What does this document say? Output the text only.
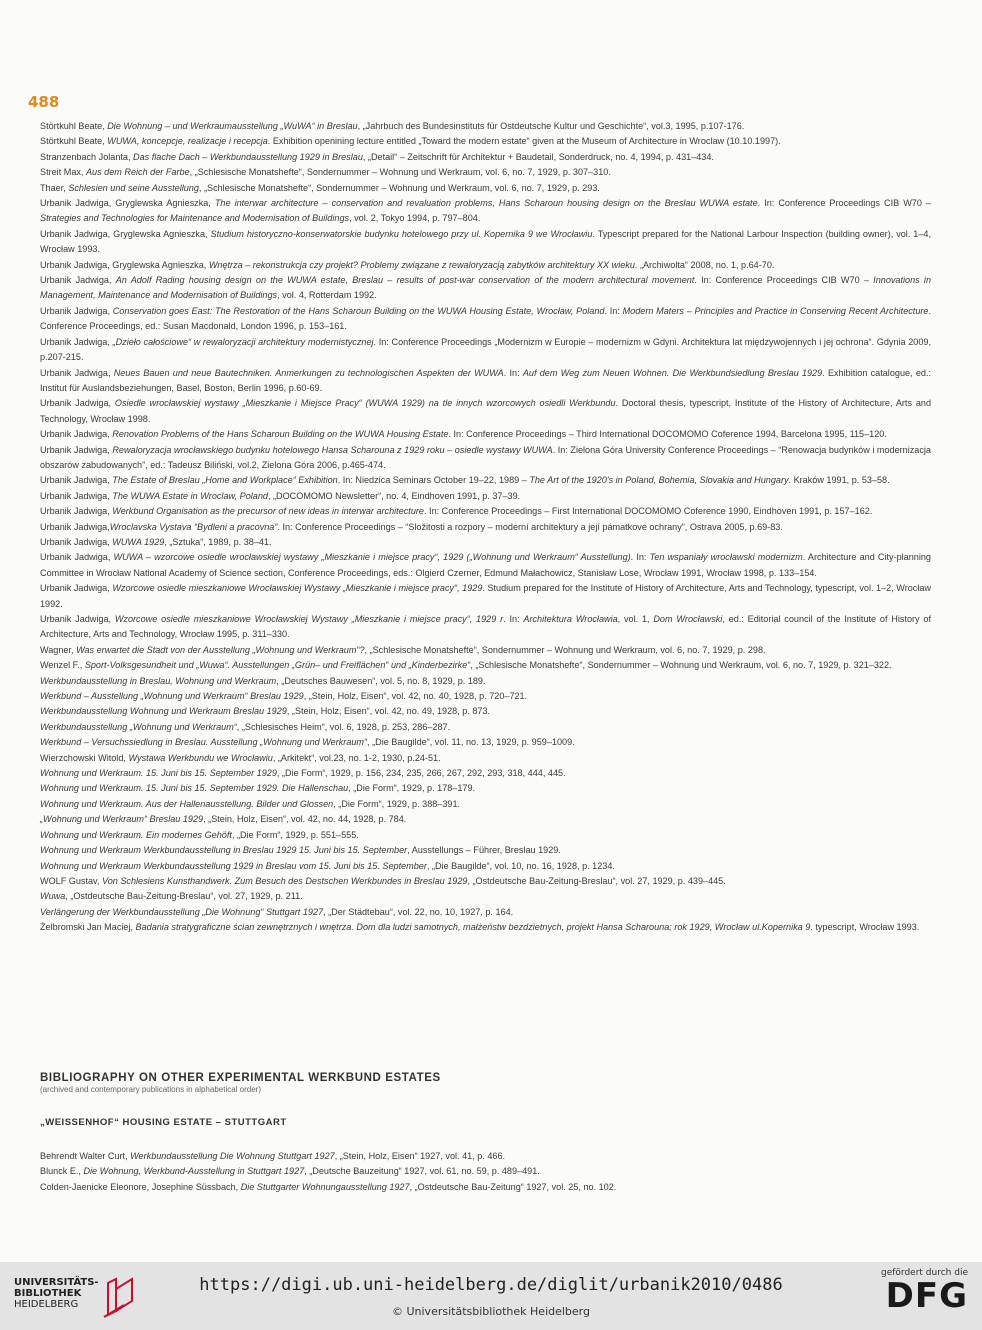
488

Störtkuhl Beate, Die Wohnung – und Werkraumausstellung „WuWA“ in Breslau, „Jahrbuch des Bundesinstituts für Ostdeutsche Kultur und Geschichte“, vol.3, 1995, p.107-176.

Störtkuhl Beate, WUWA, koncepcje, realizacje i recepcja. Exhibition openining lecture entitled „Toward the modern estate“ given at the Museum of Architecture in Wroclaw (10.10.1997).

Stranzenbach Jolanta, Das flache Dach – Werkbundausstellung 1929 in Breslau, „Detail“ – Zeitschrift für Architektur + Baudetail, Sonderdruck, no. 4, 1994, p. 431–434.

Streit Max, Aus dem Reich der Farbe, „Schlesische Monatshefte“, Sondernummer – Wohnung und Werkraum, vol. 6, no. 7, 1929, p. 307–310.

Thaer, Schlesien und seine Ausstellung, „Schlesische Monatshefte“, Sondernummer – Wohnung und Werkraum, vol. 6, no. 7, 1929, p. 293.

Urbanik Jadwiga, Gryglewska Agnieszka, The interwar architecture – conservation and revaluation problems, Hans Scharoun housing design on the Breslau WUWA estate. In: Conference Proceedings CIB W70 – Strategies and Technologies for Maintenance and Modernisation of Buildings, vol. 2, Tokyo 1994, p. 797–804.

Urbanik Jadwiga, Gryglewska Agnieszka, Studium historyczno-konserwatorskie budynku hotelowego przy ul. Kopernika 9 we Wrocławiu. Typescript prepared for the National Larbour Inspection (building owner), vol. 1–4, Wrocław 1993.

Urbanik Jadwiga, Gryglewska Agnieszka, Wnętrza – rekonstrukcja czy projekt? Problemy związane z rewaloryzacją zabytków architektury XX wieku. „Archiwolta“ 2008, no. 1, p.64-70.

Urbanik Jadwiga, An Adolf Rading housing design on the WUWA estate, Breslau – results of post-war conservation of the modern architectural movement. In: Conference Proceedings CIB W70 – Innovations in Management, Maintenance and Modernisation of Buildings, vol. 4, Rotterdam 1992.

Urbanik Jadwiga, Conservation goes East: The Restoration of the Hans Scharoun Building on the WUWA Housing Estate, Wrocław, Poland. In: Modern Maters – Principles and Practice in Conserving Recent Architecture. Conference Proceedings, ed.: Susan Macdonald, London 1996, p. 153–161.

Urbanik Jadwiga, „Dzieło całościowe“ w rewaloryzacji architektury modernistycznej. In: Conference Proceedings „Modernizm w Europie – modernizm w Gdyni. Architektura lat międzywojennych i jej ochrona“. Gdynia 2009, p.207-215.

Urbanik Jadwiga, Neues Bauen und neue Bautechniken. Anmerkungen zu technologischen Aspekten der WUWA. In: Auf dem Weg zum Neuen Wohnen. Die Werkbundsiedlung Breslau 1929. Exhibition catalogue, ed.: Institut für Auslandsbeziehungen, Basel, Boston, Berlin 1996, p.60-69.

Urbanik Jadwiga, Osiedle wrocławskiej wystawy „Mieszkanie i Miejsce Pracy“ (WUWA 1929) na tle innych wzorcowych osiedli Werkbundu. Doctoral thesis, typescript, Institute of the History of Architecture, Arts and Technology, Wrocław 1998.

Urbanik Jadwiga, Renovation Problems of the Hans Scharoun Building on the WUWA Housing Estate. In: Conference Proceedings – Third International DOCOMOMO Coference 1994, Barcelona 1995, 115–120.

Urbanik Jadwiga, Rewaloryzacja wrocławskiego budynku hotelowego Hansa Scharouna z 1929 roku – osiedle wystawy WUWA. In: Zielona Góra University Conference Proceedings – “Renowacja budynków i modernizacja obszarów zabudowanych”, ed.: Tadeusz Biliński, vol.2, Zielona Góra 2006, p.465-474.

Urbanik Jadwiga, The Estate of Breslau „Home and Workplace“ Exhibition. In: Niedzica Seminars October 19–22, 1989 – The Art of the 1920's in Poland, Bohemia, Slovakia and Hungary. Kraków 1991, p. 53–58.

Urbanik Jadwiga, The WUWA Estate in Wroclaw, Poland, „DOCOMOMO Newsletter“, no. 4, Eindhoven 1991, p. 37–39.

Urbanik Jadwiga, Werkbund Organisation as the precursor of new ideas in interwar architecture. In: Conference Proceedings – First International DOCOMOMO Coference 1990, Eindhoven 1991, p. 157–162.

Urbanik Jadwiga,Wroclavska Vystava “Bydleni a pracovna”. In: Conference Proceedings – “Složitosti a rozpory – moderní architektury a její pámatkove ochrany”, Ostrava 2005, p.69-83.

Urbanik Jadwiga, WUWA 1929, „Sztuka“, 1989, p. 38–41.

Urbanik Jadwiga, WUWA – wzorcowe osiedle wrocławskiej wystawy „Mieszkanie i miejsce pracy“, 1929 („Wohnung und Werkraum“ Ausstellung). In: Ten wspaniały wrocławski modernizm. Architecture and City-planning Committee in Wrocław National Academy of Science section, Conference Proceedings, eds.: Olgierd Czerner, Edmund Małachowicz, Stanisław Lose, Wrocław 1991, Wrocław 1998, p. 133–154.

Urbanik Jadwiga, Wzorcowe osiedle mieszkaniowe Wrocławskiej Wystawy „Mieszkanie i miejsce pracy“, 1929. Studium prepared for the Institute of History of Architecture, Arts and Technology, typescript, vol. 1–2, Wrocław 1992.

Urbanik Jadwiga, Wzorcowe osiedle mieszkaniowe Wrocławskiej Wystawy „Mieszkanie i miejsce pracy“, 1929 r. In: Architektura Wrocławia, vol. 1, Dom Wrocławski, ed.: Editorial council of the Institute of History of Architecture, Arts and Technology, Wrocław 1995, p. 311–330.

Wagner, Was erwartet die Stadt von der Ausstellung „Wohnung und Werkraum“?, „Schlesische Monatshefte“, Sondernummer – Wohnung und Werkraum, vol. 6, no. 7, 1929, p. 298.

Wenzel F., Sport-Volksgesundheit und „Wuwa“. Ausstellungen „Grün– und Freiflächen“ und „Kinderbezirke“, „Schlesische Monatshefte“, Sondernummer – Wohnung und Werkraum, vol. 6, no. 7, 1929, p. 321–322.

Werkbundausstellung in Breslau, Wohnung und Werkraum, „Deutsches Bauwesen“, vol. 5, no. 8, 1929, p. 189.

Werkbund – Ausstellung „Wohnung und Werkraum“ Breslau 1929, „Stein, Holz, Eisen“, vol. 42, no. 40, 1928, p. 720–721.

Werkbundausstellung Wohnung und Werkraum Breslau 1929, „Stein, Holz, Eisen“, vol. 42, no. 49, 1928, p. 873.

Werkbundausstellung „Wohnung und Werkraum“, „Schlesisches Heim“, vol. 6, 1928, p. 253, 286–287.

Werkbund – Versuchssiedlung in Breslau. Ausstellung „Wohnung und Werkraum“, „Die Baugilde“, vol. 11, no. 13, 1929, p. 959–1009.

Wierzchowski Witold, Wystawa Werkbundu we Wrocławiu, „Arkitekt“, vol.23, no. 1-2, 1930, p.24-51.

Wohnung und Werkraum. 15. Juni bis 15. September 1929, „Die Form“, 1929, p. 156, 234, 235, 266, 267, 292, 293, 318, 444, 445.

Wohnung und Werkraum. 15. Juni bis 15. September 1929. Die Hallenschau, „Die Form“, 1929, p. 178–179.

Wohnung und Werkraum. Aus der Hallenausstellung. Bilder und Glossen, „Die Form“, 1929, p. 388–391.

„Wohnung und Werkraum“ Breslau 1929, „Stein, Holz, Eisen“, vol. 42, no. 44, 1928, p. 784.

Wohnung und Werkraum. Ein modernes Gehöft, „Die Form“, 1929, p. 551–555.

Wohnung und Werkraum Werkbundausstellung in Breslau 1929 15. Juni bis 15. September, Ausstellungs – Führer, Breslau 1929.

Wohnung und Werkraum Werkbundausstellung 1929 in Breslau vom 15. Juni bis 15. September, „Die Baugilde“, vol. 10, no. 16, 1928, p. 1234.

WOLF Gustav, Von Schlesiens Kunsthandwerk. Zum Besuch des Destschen Werkbundes in Breslau 1929, „Ostdeutsche Bau-Zeitung-Breslau“, vol. 27, 1929, p. 439–445.

Wuwa, „Ostdeutsche Bau-Zeitung-Breslau“, vol. 27, 1929, p. 211.

Verlängerung der Werkbundausstellung „Die Wohnung“ Stuttgart 1927, „Der Städtebau“, vol. 22, no. 10, 1927, p. 164.

Żelbromski Jan Maciej, Badania stratygraficzne ścian zewnętrznych i wnętrza. Dom dla ludzi samotnych, małżeństw bezdzietnych, projekt Hansa Scharouna; rok 1929, Wrocław ul.Kopernika 9. typescript, Wrocław 1993.

BIBLIOGRAPHY ON OTHER EXPERIMENTAL WERKBUND ESTATES
(archived and contemporary publications in alphabetical order)
„WEISSENHOF“ HOUSING ESTATE – STUTTGART

Behrendt Walter Curt, Werkbundausstellung Die Wohnung Stuttgart 1927, „Stein, Holz, Eisen“ 1927, vol. 41, p. 466.

Blunck E., Die Wohnung, Werkbund-Ausstellung in Stuttgart 1927, „Deutsche Bauzeitung“ 1927, vol. 61, no. 59, p. 489–491.

Colden-Jaenicke Eleonore, Josephine Süssbach, Die Stuttgarter Wohnungausstellung 1927, „Ostdeutsche Bau-Zeitung“ 1927, vol. 25, no. 102.

UNIVERSITÄTS-
BIBLIOTHEK
HEIDELBERG
https://digi.ub.uni-heidelberg.de/diglit/urbanik2010/0486
© Universitätsbibliothek Heidelberg
gefördert durch die
DFG
